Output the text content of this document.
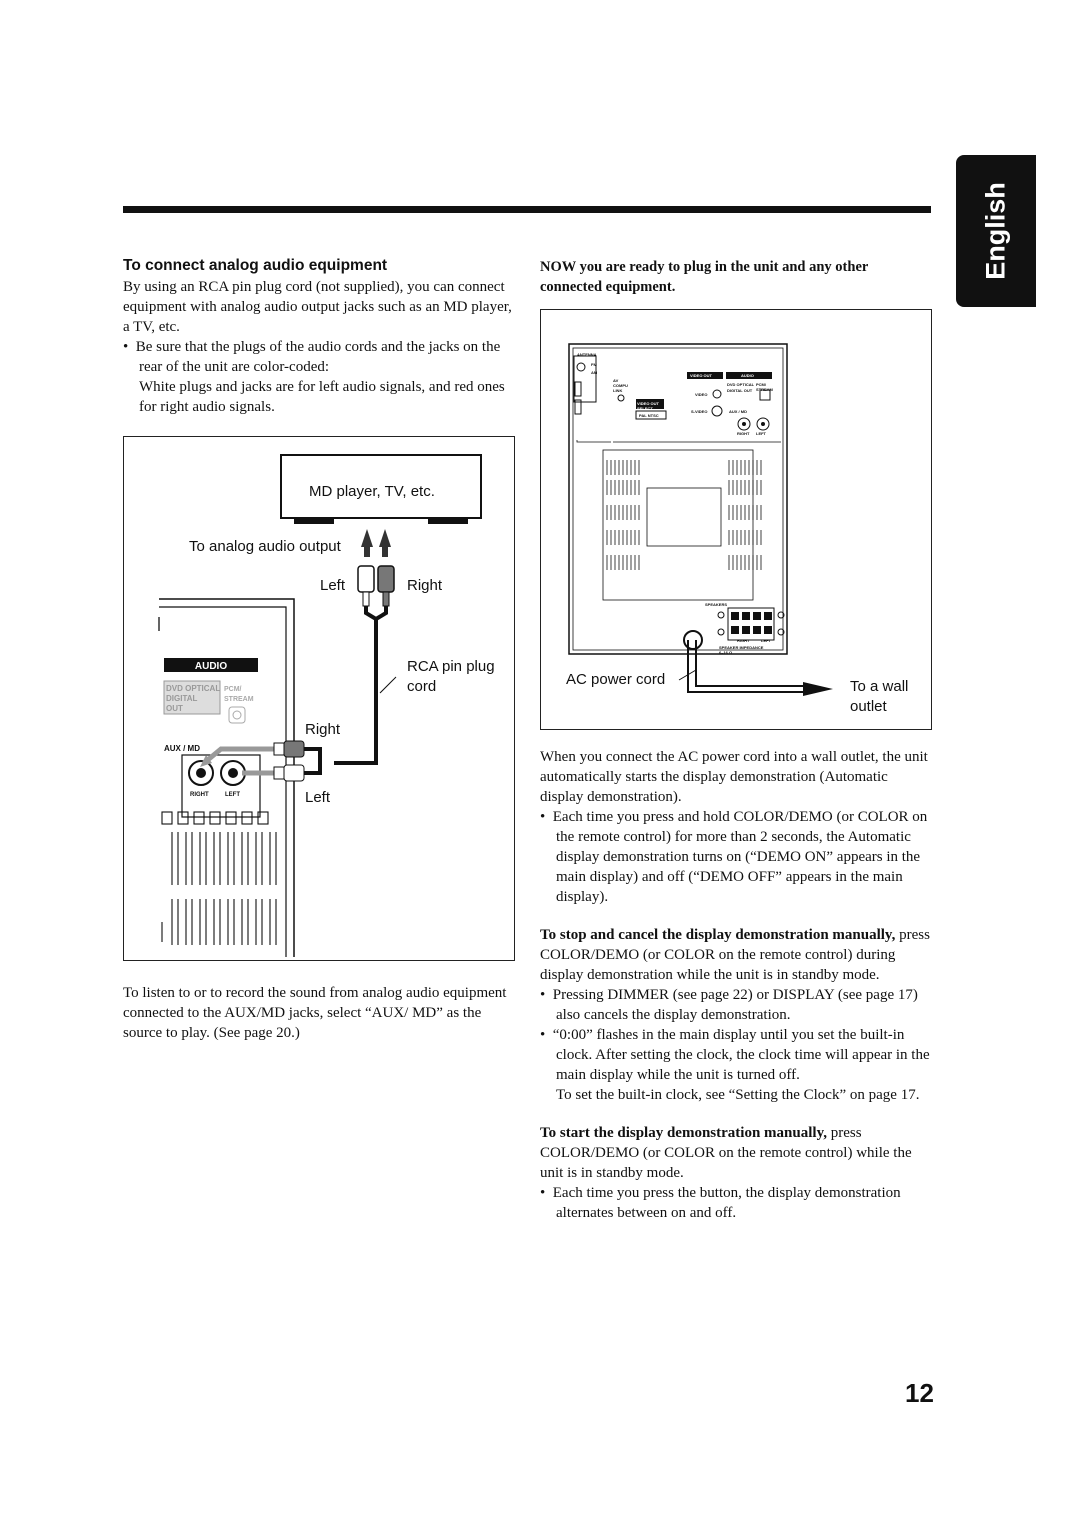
English
To connect analog audio equipment

By using an RCA pin plug cord (not supplied), you can connect equipment with analog audio output jacks such as an MD player, a TV, etc.

•  Be sure that the plugs of the audio cords and the jacks on the rear of the unit are color-coded:

White plugs and jacks are for left audio signals, and red ones for right audio signals.

AUDIO
DVD OPTICAL
DIGITAL
OUT
PCM/
STREAM
AUX / MD
RIGHT	LEFT
MD player, TV, etc.
To analog audio output
Left	Right
RCA pin plug
cord
Right
Left
To listen to or to record the sound from analog audio equipment connected to the AUX/MD jacks, select “AUX/ MD” as the source to play. (See page 20.)
NOW you are ready to plug in the unit and any other connected equipment.
ANTENNA
FM
AM
AV COMPU LINK
VIDEO OUT SELECT
PAL NTSC
VIDEO OUT	AUDIO
VIDEO
DVD OPTICAL
DIGITAL OUT
PCM/ STREAM
S-VIDEO	AUX / MD
RIGHT LEFT
SPEAKERS
RIGHT	LEFT
SPEAKER IMPEDANCE
6–16 Ω
AC power cord	To a wall
outlet

When you connect the AC power cord into a wall outlet, the unit automatically starts the display demonstration (Automatic display demonstration).

•  Each time you press and hold COLOR/DEMO (or COLOR on the remote control) for more than 2 seconds, the Automatic display demonstration turns on (“DEMO ON” appears in the main display) and off (“DEMO OFF” appears in the main display).

To stop and cancel the display demonstration manually, press COLOR/DEMO (or COLOR on the remote control) during display demonstration while the unit is in standby mode.

•  Pressing DIMMER (see page 22) or DISPLAY (see page 17) also cancels the display demonstration.

•  “0:00” flashes in the main display until you set the built-in clock. After setting the clock, the clock time will appear in the main display while the unit is turned off.

To set the built-in clock, see “Setting the Clock” on page 17.

To start the display demonstration manually, press COLOR/DEMO (or COLOR on the remote control) while the unit is in standby mode.

•  Each time you press the button, the display demonstration alternates between on and off.

12
